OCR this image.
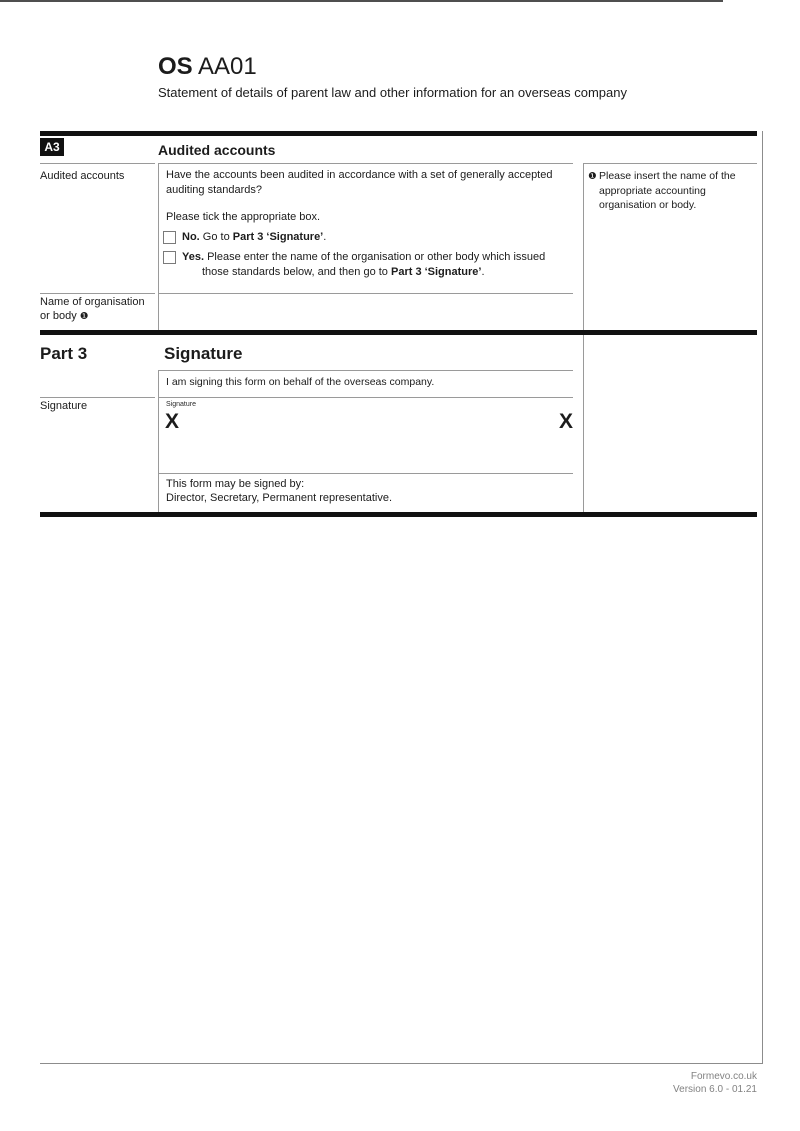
OS AA01
Statement of details of parent law and other information for an overseas company
A3	Audited accounts
Audited accounts	Have the accounts been audited in accordance with a set of generally accepted auditing standards?
Please tick the appropriate box.
No. Go to Part 3 ‘Signature’.
Yes. Please enter the name of the organisation or other body which issued
those standards below, and then go to Part 3 ‘Signature’.
❶ Please insert the name of the appropriate accounting organisation or body.
Name of organisation
or body ❶
Part 3	Signature
I am signing this form on behalf of the overseas company.
Signature	Signature
X	X
This form may be signed by:
Director, Secretary, Permanent representative.
Formevo.co.uk
Version 6.0 - 01.21
